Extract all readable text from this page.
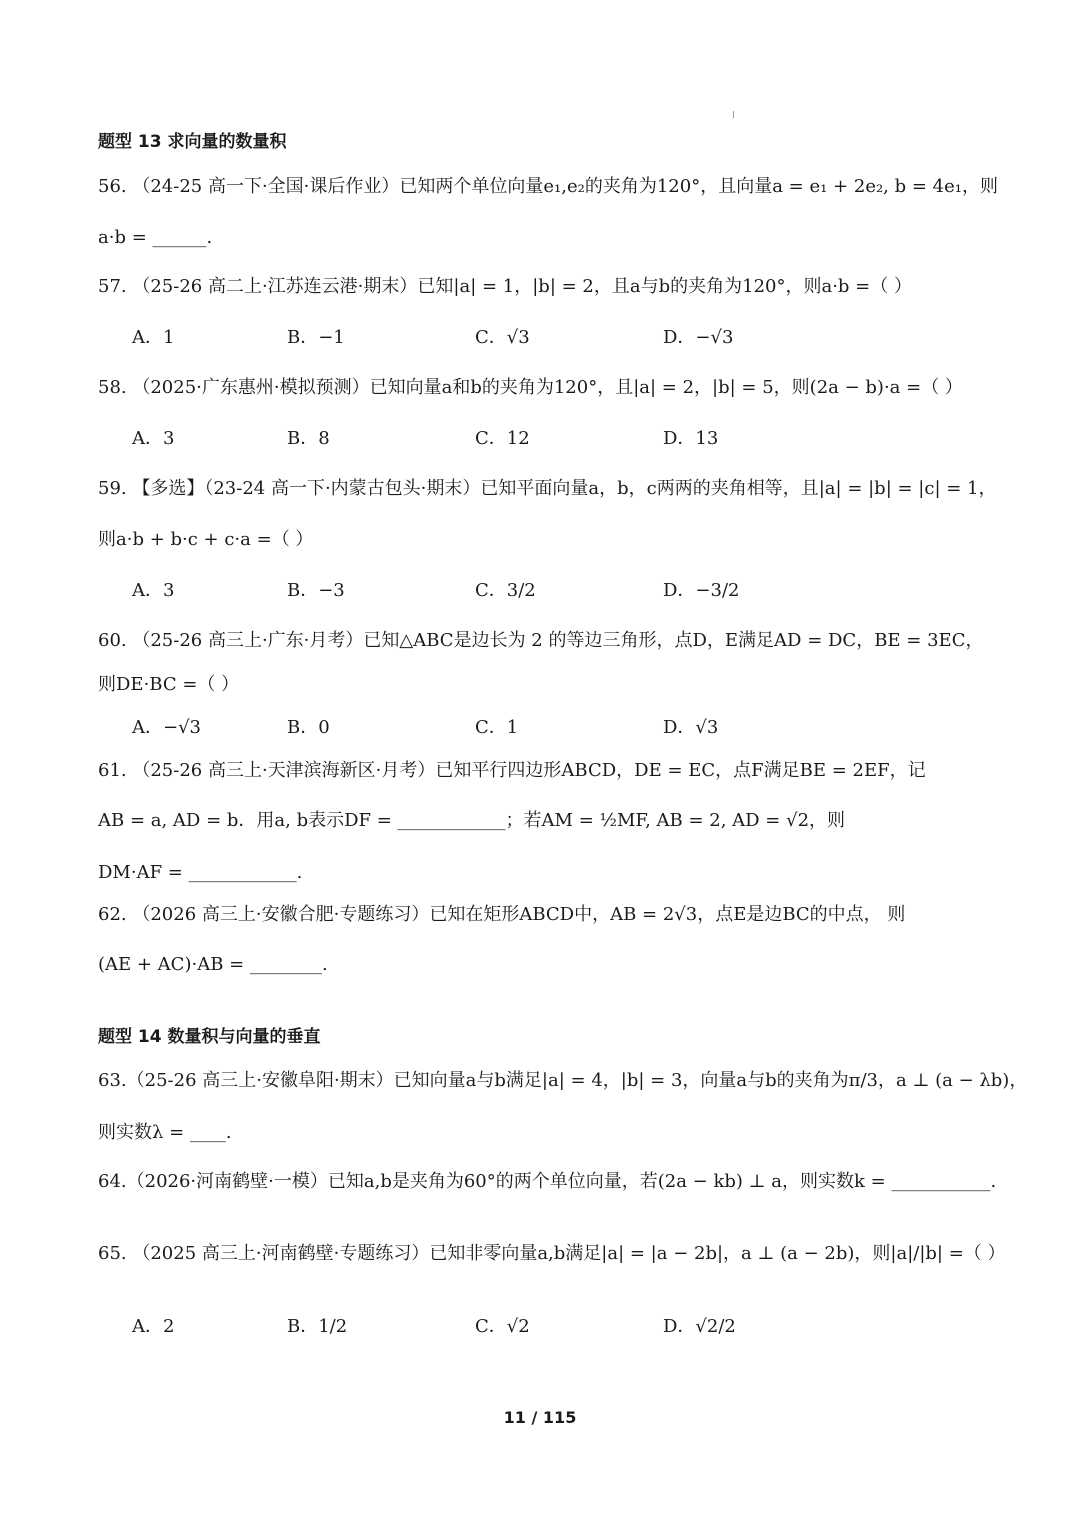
题型 13 求向量的数量积
56. （24-25 高一下·全国·课后作业）已知两个单位向量e₁,e₂的夹角为120°，且向量a = e₁ + 2e₂, b = 4e₁，则
a·b = ______.
57. （25-26 高二上·江苏连云港·期末）已知|a| = 1，|b| = 2，且a与b的夹角为120°，则a·b =（ ）
A．1	B．−1	C．√3	D．−√3
58. （2025·广东惠州·模拟预测）已知向量a和b的夹角为120°，且|a| = 2，|b| = 5，则(2a − b)·a =（ ）
A．3	B．8	C．12	D．13
59. 【多选】（23-24 高一下·内蒙古包头·期末）已知平面向量a，b，c两两的夹角相等，且|a| = |b| = |c| = 1，
则a·b + b·c + c·a =（ ）
A．3	B．−3	C．3/2	D．−3/2
60. （25-26 高三上·广东·月考）已知△ABC是边长为 2 的等边三角形，点D，E满足AD = DC，BE = 3EC，
则DE·BC =（ ）
A．−√3	B．0	C．1	D．√3
61. （25-26 高三上·天津滨海新区·月考）已知平行四边形ABCD，DE = EC，点F满足BE = 2EF，记
AB = a, AD = b．用a, b表示DF = ____________；若AM = ½MF, AB = 2, AD = √2，则
DM·AF = ____________.
62. （2026 高三上·安徽合肥·专题练习）已知在矩形ABCD中，AB = 2√3，点E是边BC的中点， 则
(AE + AC)·AB = ________.
题型 14 数量积与向量的垂直
63.（25-26 高三上·安徽阜阳·期末）已知向量a与b满足|a| = 4，|b| = 3，向量a与b的夹角为π/3，a ⊥ (a − λb)，
则实数λ = ____.
64.（2026·河南鹤壁·一模）已知a,b是夹角为60°的两个单位向量，若(2a − kb) ⊥ a，则实数k = ___________.
65. （2025 高三上·河南鹤壁·专题练习）已知非零向量a,b满足|a| = |a − 2b|，a ⊥ (a − 2b)，则|a|/|b| =（ ）
A．2	B．1/2	C．√2	D．√2/2
11 / 115
